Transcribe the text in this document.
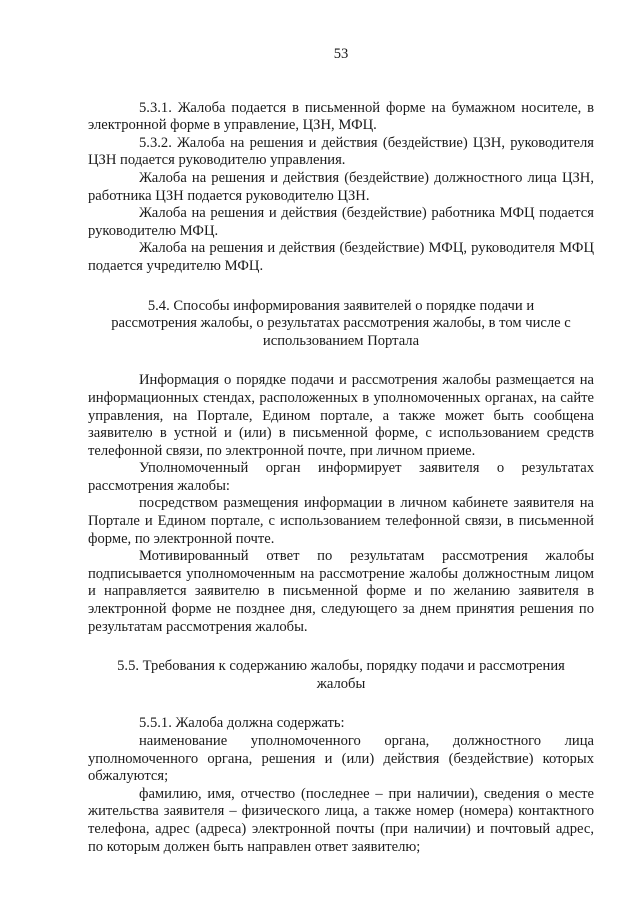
53

5.3.1. Жалоба подается в письменной форме на бумажном носителе, в электронной форме в управление, ЦЗН, МФЦ.

5.3.2. Жалоба на решения и действия (бездействие) ЦЗН, руководителя ЦЗН подается руководителю управления.

Жалоба на решения и действия (бездействие) должностного лица ЦЗН, работника ЦЗН подается руководителю ЦЗН.

Жалоба на решения и действия (бездействие) работника МФЦ подается руководителю МФЦ.

Жалоба на решения и действия (бездействие) МФЦ, руководителя МФЦ подается учредителю МФЦ.

5.4. Способы информирования заявителей о порядке подачи и рассмотрения жалобы, о результатах рассмотрения жалобы, в том числе с использованием Портала

Информация о порядке подачи и рассмотрения жалобы размещается на информационных стендах, расположенных в уполномоченных органах, на сайте управления, на Портале, Едином портале, а также может быть сообщена заявителю в устной и (или) в письменной форме, с использованием средств телефонной связи, по электронной почте, при личном приеме.

Уполномоченный орган информирует заявителя о результатах рассмотрения жалобы:

посредством размещения информации в личном кабинете заявителя на Портале и Едином портале, с использованием телефонной связи, в письменной форме, по электронной почте.

Мотивированный ответ по результатам рассмотрения жалобы подписывается уполномоченным на рассмотрение жалобы должностным лицом и направляется заявителю в письменной форме и по желанию заявителя в электронной форме не позднее дня, следующего за днем принятия решения по результатам рассмотрения жалобы.

5.5. Требования к содержанию жалобы, порядку подачи и рассмотрения жалобы

5.5.1. Жалоба должна содержать:

наименование уполномоченного органа, должностного лица уполномоченного органа, решения и (или) действия (бездействие) которых обжалуются;

фамилию, имя, отчество (последнее – при наличии), сведения о месте жительства заявителя – физического лица, а также номер (номера) контактного телефона, адрес (адреса) электронной почты (при наличии) и почтовый адрес, по которым должен быть направлен ответ заявителю;
